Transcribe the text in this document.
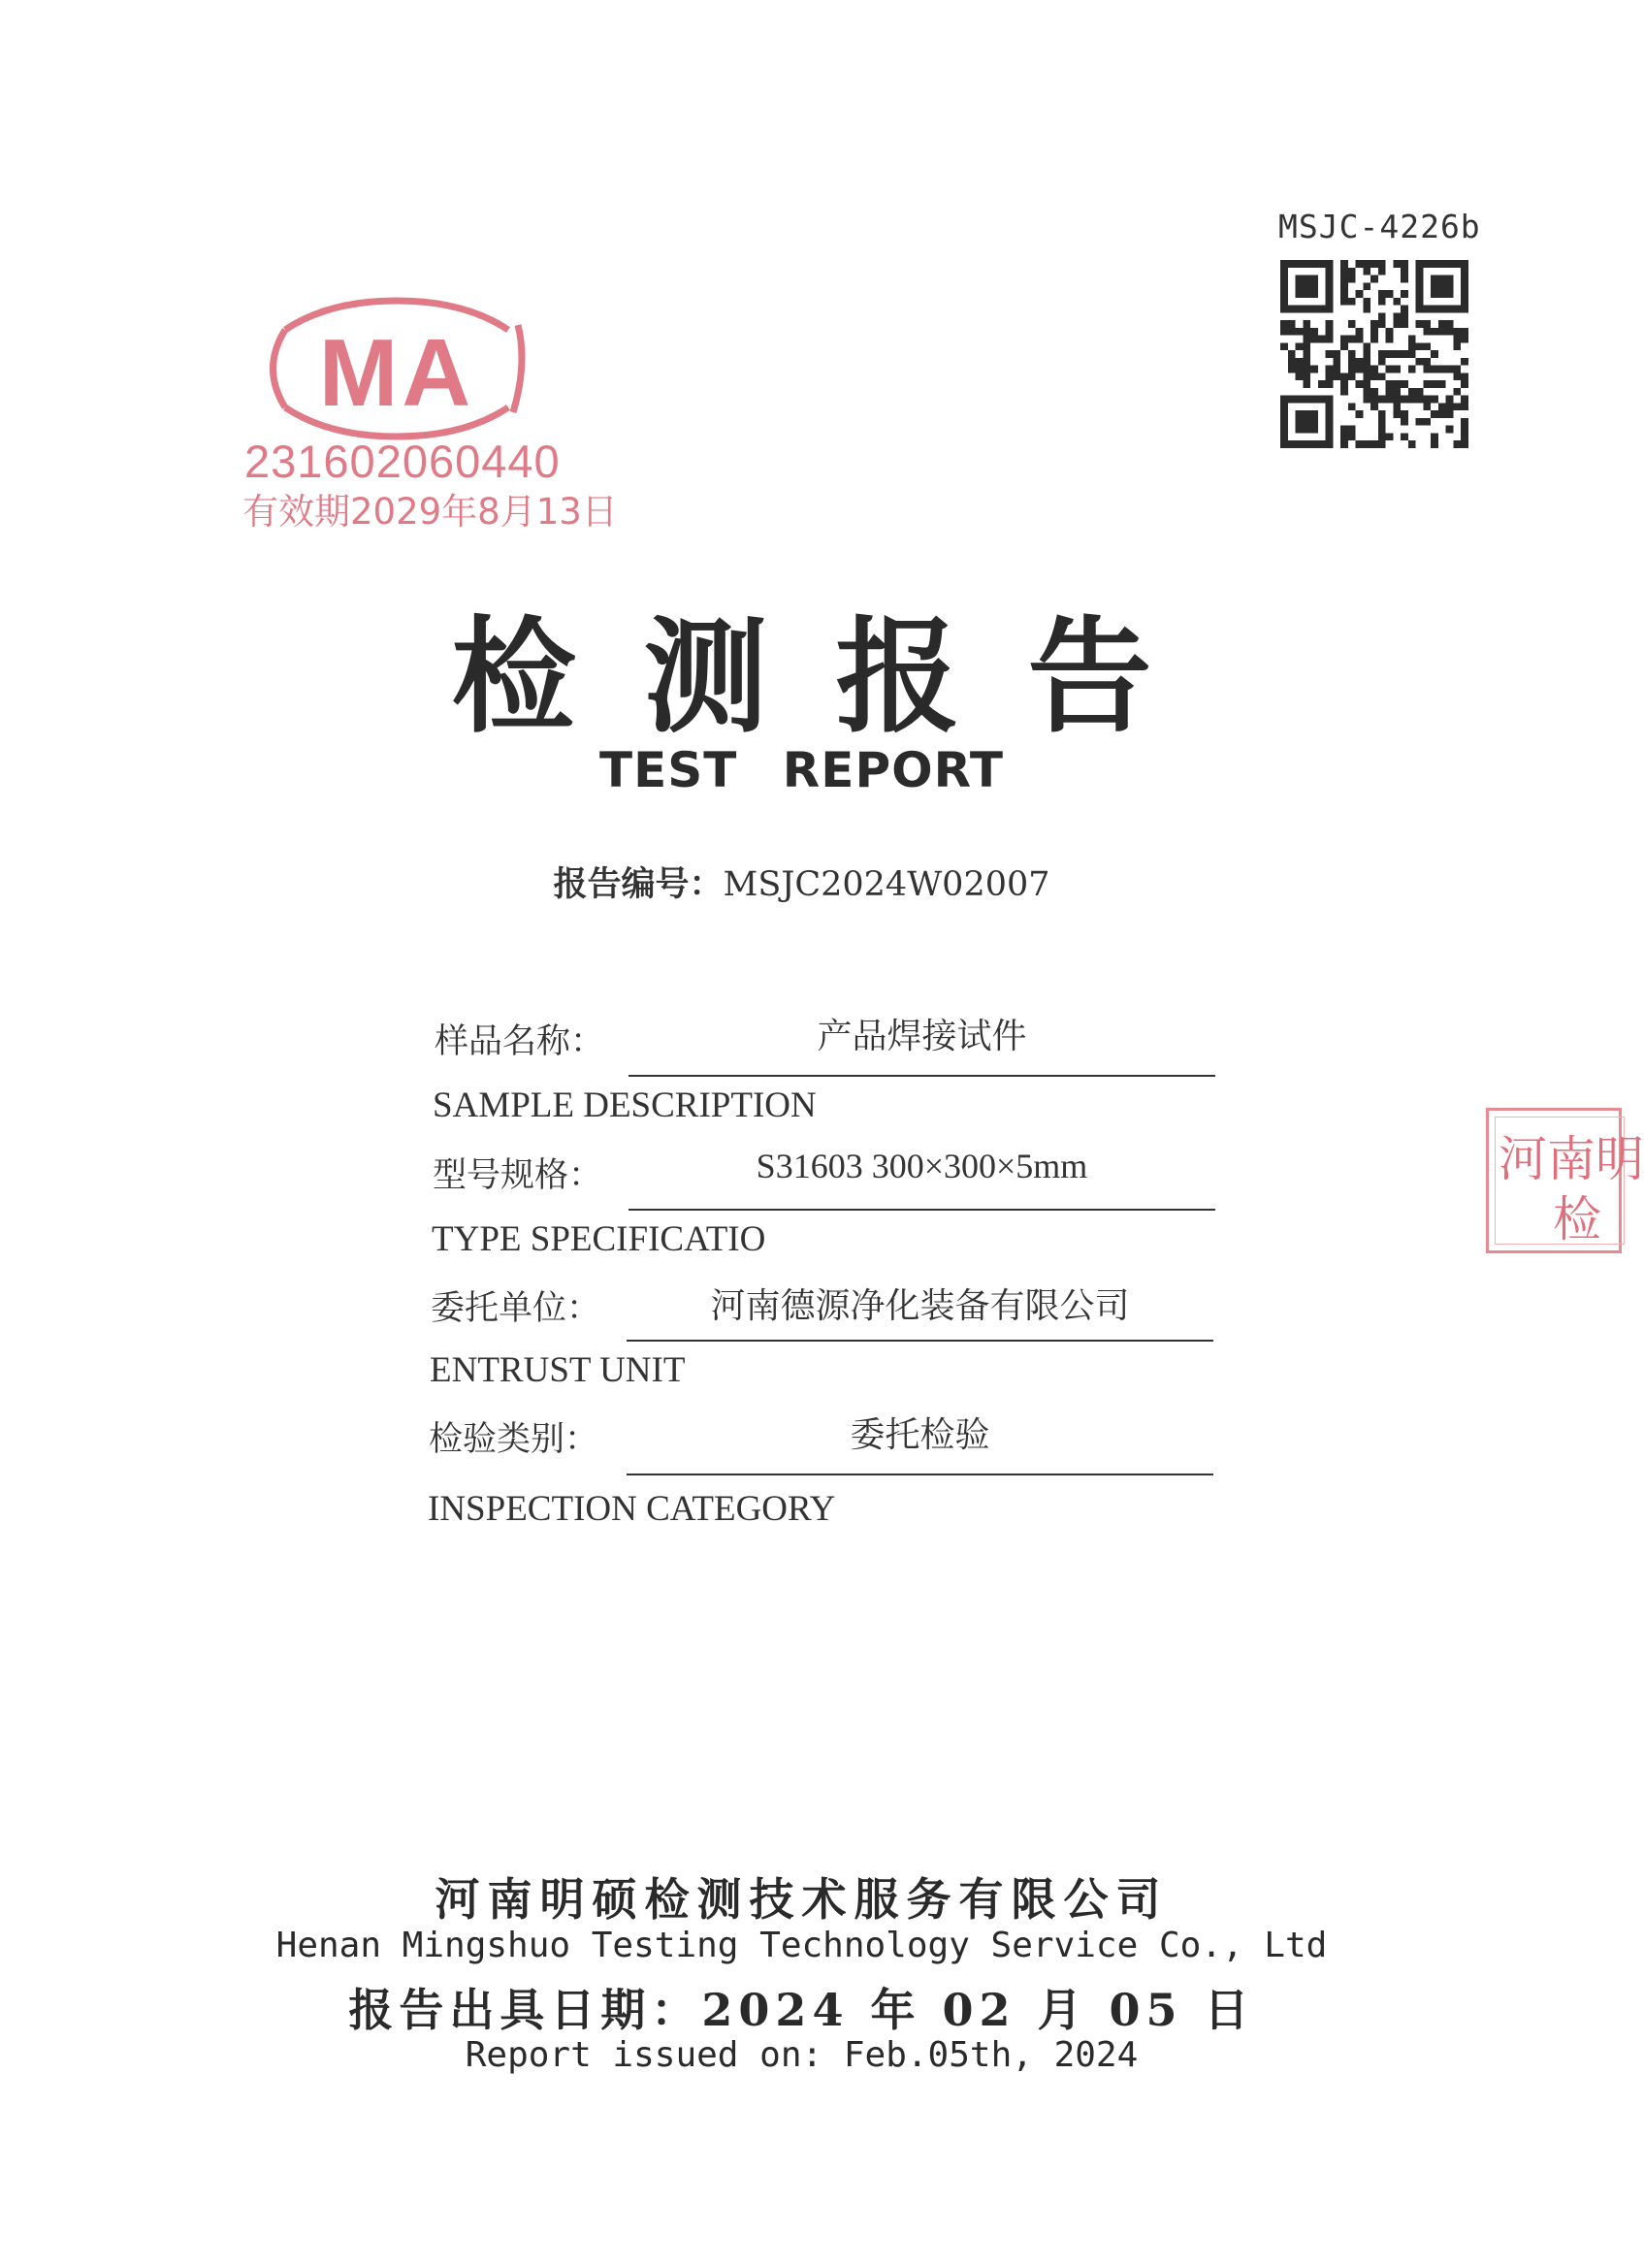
MSJC-4226b
MA
231602060440
有效期2029年8月13日
检测报告
TEST REPORT
报告编号：MSJC2024W02007
样品名称：	产品焊接试件
SAMPLE DESCRIPTION
型号规格：	S31603 300×300×5mm
TYPE SPECIFICATIO
委托单位：	河南德源净化装备有限公司
ENTRUST UNIT
检验类别：	委托检验
INSPECTION CATEGORY
河南明
检
河南明硕检测技术服务有限公司
Henan Mingshuo Testing Technology Service Co., Ltd
报告出具日期：2024 年 02 月 05 日
Report issued on: Feb.05th, 2024
